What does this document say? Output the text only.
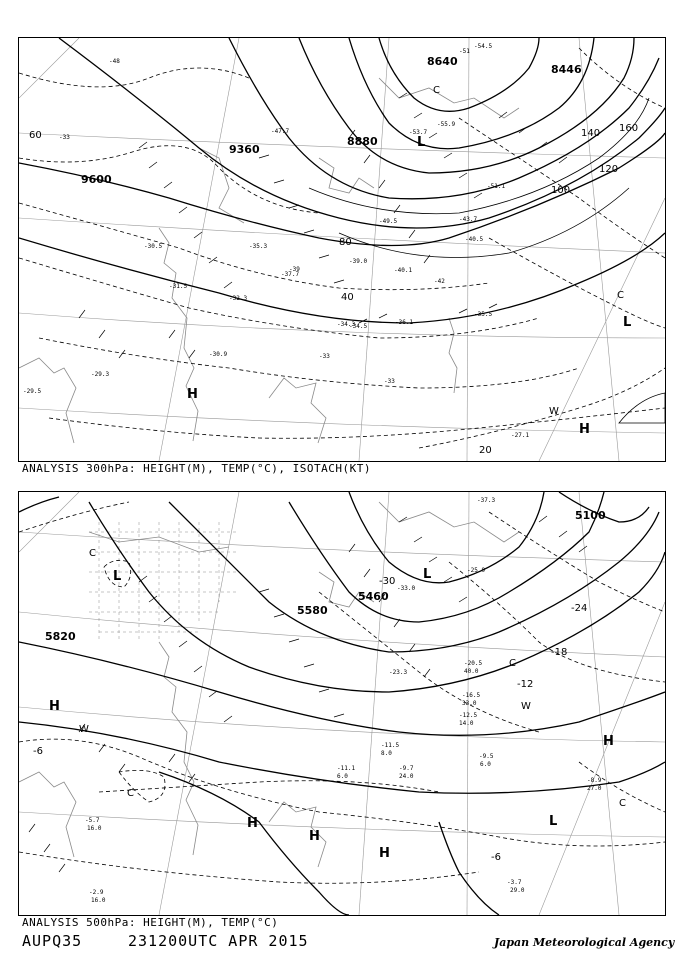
9600
9360
8880
8640
8446
20
40
60
80
100
120
140 160
-33
-33
-33
-39
-42
-48
-51
-30.5
-30.9
-31.5
-32.3
-34.3
-34.5
-35.3
-35.5
-36.1
-37.7
-39.0
-40.1
-40.5
-43.7
-47.7
-49.5
-51.1
-53.7
-54.5
-55.9
-27.1
-29.5
-29.3
H
H
L
L
C
C
W
ANALYSIS 300hPa: HEIGHT(M), TEMP(°C), ISOTACH(KT)
5820
5580
5460
5100
-6
-6
-12
-18
-24
-30
-3.7
29.0
-8.9
27.0
-9.5
6.0
-9.7
24.0
-11.1
6.0
-11.5
8.0
-12.5
14.0
-16.5
33.0
-20.5
40.0
-23.3
-25.9
-33.0
-37.3
-2.9
16.0
-5.7
16.0
H
H
H
H
H
L	L
L
C
C
C
C
W
W
ANALYSIS 500hPa: HEIGHT(M), TEMP(°C)
AUPQ35	231200UTC APR 2015	Japan Meteorological Agency
